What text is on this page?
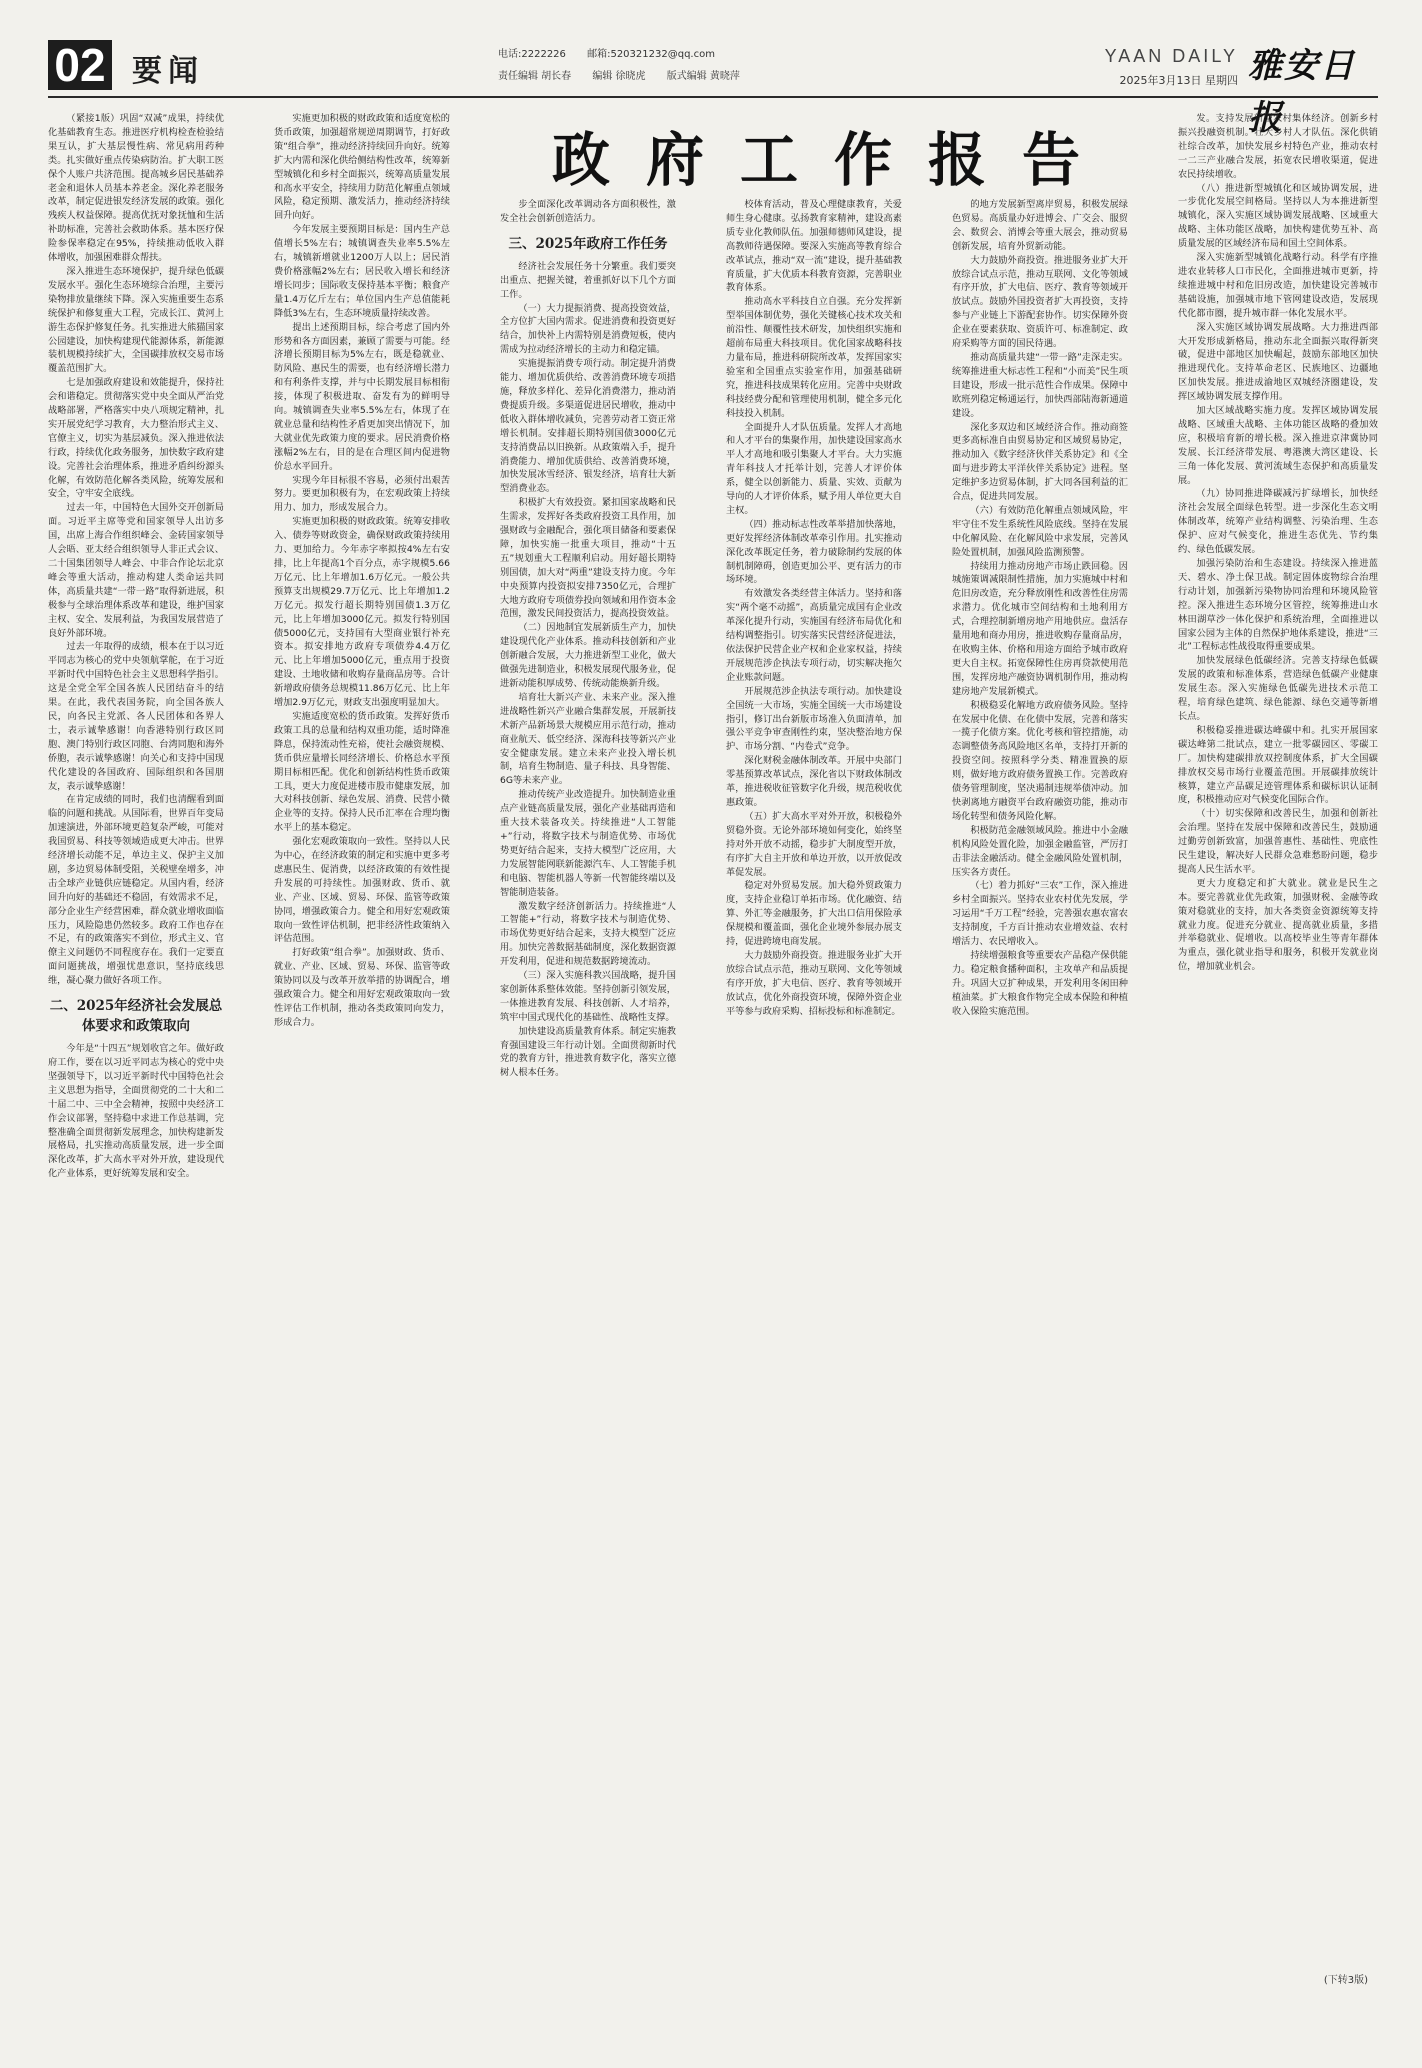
02 要闻	电话:2222226 邮箱:520321232@qq.com
责任编辑 胡长春 编辑 徐晓虎 版式编辑 黄晓萍
YAAN DAILY
2025年3月13日 星期四 雅安日报
政府工作报告

（紧接1版）巩固“双减”成果，持续优化基础教育生态。推进医疗机构检查检验结果互认，扩大基层慢性病、常见病用药种类。扎实做好重点传染病防治。扩大职工医保个人账户共济范围。提高城乡居民基础养老金和退休人员基本养老金。深化养老服务改革，制定促进银发经济发展的政策。强化残疾人权益保障。提高优抚对象抚恤和生活补助标准，完善社会救助体系。基本医疗保险参保率稳定在95%，持续推动低收入群体增收，加强困难群众帮扶。

深入推进生态环境保护，提升绿色低碳发展水平。强化生态环境综合治理，主要污染物排放量继续下降。深入实施重要生态系统保护和修复重大工程，完成长江、黄河上游生态保护修复任务。扎实推进大熊猫国家公园建设，加快构建现代能源体系，新能源装机规模持续扩大，全国碳排放权交易市场覆盖范围扩大。

七是加强政府建设和效能提升，保持社会和谐稳定。贯彻落实党中央全面从严治党战略部署，严格落实中央八项规定精神，扎实开展党纪学习教育，大力整治形式主义、官僚主义，切实为基层减负。深入推进依法行政，持续优化政务服务，加快数字政府建设。完善社会治理体系，推进矛盾纠纷源头化解，有效防范化解各类风险，统筹发展和安全，守牢安全底线。

过去一年，中国特色大国外交开创新局面。习近平主席等党和国家领导人出访多国，出席上海合作组织峰会、金砖国家领导人会晤、亚太经合组织领导人非正式会议、二十国集团领导人峰会、中非合作论坛北京峰会等重大活动，推动构建人类命运共同体，高质量共建“一带一路”取得新进展，积极参与全球治理体系改革和建设，维护国家主权、安全、发展利益，为我国发展营造了良好外部环境。

过去一年取得的成绩，根本在于以习近平同志为核心的党中央领航掌舵，在于习近平新时代中国特色社会主义思想科学指引。这是全党全军全国各族人民团结奋斗的结果。在此，我代表国务院，向全国各族人民，向各民主党派、各人民团体和各界人士，表示诚挚感谢！向香港特别行政区同胞、澳门特别行政区同胞、台湾同胞和海外侨胞，表示诚挚感谢！向关心和支持中国现代化建设的各国政府、国际组织和各国朋友，表示诚挚感谢！

在肯定成绩的同时，我们也清醒看到面临的问题和挑战。从国际看，世界百年变局加速演进，外部环境更趋复杂严峻，可能对我国贸易、科技等领域造成更大冲击。世界经济增长动能不足，单边主义、保护主义加剧，多边贸易体制受阻，关税壁垒增多，冲击全球产业链供应链稳定。从国内看，经济回升向好的基础还不稳固，有效需求不足，部分企业生产经营困难，群众就业增收面临压力，风险隐患仍然较多。政府工作也存在不足，有的政策落实不到位，形式主义、官僚主义问题仍不同程度存在。我们一定要直面问题挑战，增强忧患意识，坚持底线思维，凝心聚力做好各项工作。

二、2025年经济社会发展总体要求和政策取向

今年是“十四五”规划收官之年。做好政府工作，要在以习近平同志为核心的党中央坚强领导下，以习近平新时代中国特色社会主义思想为指导，全面贯彻党的二十大和二十届二中、三中全会精神，按照中央经济工作会议部署，坚持稳中求进工作总基调，完整准确全面贯彻新发展理念，加快构建新发展格局，扎实推动高质量发展，进一步全面深化改革，扩大高水平对外开放，建设现代化产业体系，更好统筹发展和安全。

实施更加积极的财政政策和适度宽松的货币政策，加强超常规逆周期调节，打好政策“组合拳”，推动经济持续回升向好。统筹扩大内需和深化供给侧结构性改革，统筹新型城镇化和乡村全面振兴，统筹高质量发展和高水平安全，持续用力防范化解重点领域风险，稳定预期、激发活力，推动经济持续回升向好。

今年发展主要预期目标是：国内生产总值增长5%左右；城镇调查失业率5.5%左右，城镇新增就业1200万人以上；居民消费价格涨幅2%左右；居民收入增长和经济增长同步；国际收支保持基本平衡；粮食产量1.4万亿斤左右；单位国内生产总值能耗降低3%左右，生态环境质量持续改善。

提出上述预期目标，综合考虑了国内外形势和各方面因素，兼顾了需要与可能。经济增长预期目标为5%左右，既是稳就业、防风险、惠民生的需要，也有经济增长潜力和有利条件支撑，并与中长期发展目标相衔接，体现了积极进取、奋发有为的鲜明导向。城镇调查失业率5.5%左右，体现了在就业总量和结构性矛盾更加突出情况下，加大就业优先政策力度的要求。居民消费价格涨幅2%左右，目的是在合理区间内促进物价总水平回升。

实现今年目标很不容易，必须付出艰苦努力。要更加积极有为，在宏观政策上持续用力、加力，形成发展合力。

实施更加积极的财政政策。统筹安排收入、债券等财政资金，确保财政政策持续用力、更加给力。今年赤字率拟按4%左右安排，比上年提高1个百分点，赤字规模5.66万亿元、比上年增加1.6万亿元。一般公共预算支出规模29.7万亿元、比上年增加1.2万亿元。拟发行超长期特别国债1.3万亿元，比上年增加3000亿元。拟发行特别国债5000亿元，支持国有大型商业银行补充资本。拟安排地方政府专项债券4.4万亿元、比上年增加5000亿元，重点用于投资建设、土地收储和收购存量商品房等。合计新增政府债务总规模11.86万亿元、比上年增加2.9万亿元，财政支出强度明显加大。

实施适度宽松的货币政策。发挥好货币政策工具的总量和结构双重功能，适时降准降息，保持流动性充裕，使社会融资规模、货币供应量增长同经济增长、价格总水平预期目标相匹配。优化和创新结构性货币政策工具，更大力度促进楼市股市健康发展，加大对科技创新、绿色发展、消费、民营小微企业等的支持。保持人民币汇率在合理均衡水平上的基本稳定。

强化宏观政策取向一致性。坚持以人民为中心，在经济政策的制定和实施中更多考虑惠民生、促消费，以经济政策的有效性提升发展的可持续性。加强财政、货币、就业、产业、区域、贸易、环保、监管等政策协同，增强政策合力。健全和用好宏观政策取向一致性评估机制，把非经济性政策纳入评估范围。

打好政策“组合拳”。加强财政、货币、就业、产业、区域、贸易、环保、监管等政策协同以及与改革开放举措的协调配合，增强政策合力。健全和用好宏观政策取向一致性评估工作机制，推动各类政策同向发力，形成合力。

步全面深化改革调动各方面积极性，激发全社会创新创造活力。

三、2025年政府工作任务

经济社会发展任务十分繁重。我们要突出重点、把握关键，着重抓好以下几个方面工作。

（一）大力提振消费、提高投资效益，全方位扩大国内需求。促进消费和投资更好结合，加快补上内需特别是消费短板，使内需成为拉动经济增长的主动力和稳定锚。

实施提振消费专项行动。制定提升消费能力、增加优质供给、改善消费环境专项措施，释放多样化、差异化消费潜力，推动消费提质升级。多渠道促进居民增收，推动中低收入群体增收减负，完善劳动者工资正常增长机制。安排超长期特别国债3000亿元支持消费品以旧换新。从政策端入手，提升消费能力、增加优质供给、改善消费环境，加快发展冰雪经济、银发经济，培育壮大新型消费业态。

积极扩大有效投资。紧扣国家战略和民生需求，发挥好各类政府投资工具作用，加强财政与金融配合，强化项目储备和要素保障，加快实施一批重大项目，推动“十五五”规划重大工程顺利启动。用好超长期特别国债，加大对“两重”建设支持力度。今年中央预算内投资拟安排7350亿元，合理扩大地方政府专项债券投向领域和用作资本金范围，激发民间投资活力，提高投资效益。

（二）因地制宜发展新质生产力，加快建设现代化产业体系。推动科技创新和产业创新融合发展，大力推进新型工业化，做大做强先进制造业，积极发展现代服务业，促进新动能积厚成势、传统动能焕新升级。

培育壮大新兴产业、未来产业。深入推进战略性新兴产业融合集群发展，开展新技术新产品新场景大规模应用示范行动，推动商业航天、低空经济、深海科技等新兴产业安全健康发展。建立未来产业投入增长机制，培育生物制造、量子科技、具身智能、6G等未来产业。

推动传统产业改造提升。加快制造业重点产业链高质量发展，强化产业基础再造和重大技术装备攻关。持续推进“人工智能+”行动，将数字技术与制造优势、市场优势更好结合起来，支持大模型广泛应用，大力发展智能网联新能源汽车、人工智能手机和电脑、智能机器人等新一代智能终端以及智能制造装备。

激发数字经济创新活力。持续推进“人工智能+”行动，将数字技术与制造优势、市场优势更好结合起来，支持大模型广泛应用。加快完善数据基础制度，深化数据资源开发利用，促进和规范数据跨境流动。

（三）深入实施科教兴国战略，提升国家创新体系整体效能。坚持创新引领发展，一体推进教育发展、科技创新、人才培养，筑牢中国式现代化的基础性、战略性支撑。

加快建设高质量教育体系。制定实施教育强国建设三年行动计划。全面贯彻新时代党的教育方针，推进教育数字化，落实立德树人根本任务。

校体育活动，普及心理健康教育，关爱师生身心健康。弘扬教育家精神，建设高素质专业化教师队伍。加强师德师风建设，提高教师待遇保障。要深入实施高等教育综合改革试点，推动“双一流”建设，提升基础教育质量，扩大优质本科教育资源，完善职业教育体系。

推动高水平科技自立自强。充分发挥新型举国体制优势，强化关键核心技术攻关和前沿性、颠覆性技术研发，加快组织实施和超前布局重大科技项目。优化国家战略科技力量布局，推进科研院所改革，发挥国家实验室和全国重点实验室作用，加强基础研究，推进科技成果转化应用。完善中央财政科技经费分配和管理使用机制，健全多元化科技投入机制。

全面提升人才队伍质量。发挥人才高地和人才平台的集聚作用，加快建设国家高水平人才高地和吸引集聚人才平台。大力实施青年科技人才托举计划，完善人才评价体系，健全以创新能力、质量、实效、贡献为导向的人才评价体系，赋予用人单位更大自主权。

（四）推动标志性改革举措加快落地，更好发挥经济体制改革牵引作用。扎实推动深化改革既定任务，着力破除制约发展的体制机制障碍，创造更加公平、更有活力的市场环境。

有效激发各类经营主体活力。坚持和落实“两个毫不动摇”，高质量完成国有企业改革深化提升行动，实施国有经济布局优化和结构调整指引。切实落实民营经济促进法，依法保护民营企业产权和企业家权益，持续开展规范涉企执法专项行动，切实解决拖欠企业账款问题。

开展规范涉企执法专项行动。加快建设全国统一大市场，实施全国统一大市场建设指引，修订出台新版市场准入负面清单，加强公平竞争审查刚性约束，坚决整治地方保护、市场分割、“内卷式”竞争。

深化财税金融体制改革。开展中央部门零基预算改革试点，深化省以下财政体制改革，推进税收征管数字化升级，规范税收优惠政策。

（五）扩大高水平对外开放，积极稳外贸稳外资。无论外部环境如何变化，始终坚持对外开放不动摇，稳步扩大制度型开放，有序扩大自主开放和单边开放，以开放促改革促发展。

稳定对外贸易发展。加大稳外贸政策力度，支持企业稳订单拓市场。优化融资、结算、外汇等金融服务，扩大出口信用保险承保规模和覆盖面，强化企业境外参展办展支持，促进跨境电商发展。

大力鼓励外商投资。推进服务业扩大开放综合试点示范，推动互联网、文化等领域有序开放，扩大电信、医疗、教育等领域开放试点，优化外商投资环境，保障外资企业平等参与政府采购、招标投标和标准制定。

的地方发展新型离岸贸易，积极发展绿色贸易。高质量办好进博会、广交会、服贸会、数贸会、消博会等重大展会，推动贸易创新发展，培育外贸新动能。

大力鼓励外商投资。推进服务业扩大开放综合试点示范，推动互联网、文化等领域有序开放，扩大电信、医疗、教育等领域开放试点。鼓励外国投资者扩大再投资，支持参与产业链上下游配套协作。切实保障外资企业在要素获取、资质许可、标准制定、政府采购等方面的国民待遇。

推动高质量共建“一带一路”走深走实。统筹推进重大标志性工程和“小而美”民生项目建设，形成一批示范性合作成果。保障中欧班列稳定畅通运行，加快西部陆海新通道建设。

深化多双边和区域经济合作。推动商签更多高标准自由贸易协定和区域贸易协定，推动加入《数字经济伙伴关系协定》和《全面与进步跨太平洋伙伴关系协定》进程。坚定维护多边贸易体制，扩大同各国利益的汇合点，促进共同发展。

（六）有效防范化解重点领域风险，牢牢守住不发生系统性风险底线。坚持在发展中化解风险、在化解风险中求发展，完善风险处置机制，加强风险监测预警。

持续用力推动房地产市场止跌回稳。因城施策调减限制性措施，加力实施城中村和危旧房改造，充分释放刚性和改善性住房需求潜力。优化城市空间结构和土地利用方式，合理控制新增房地产用地供应。盘活存量用地和商办用房，推进收购存量商品房，在收购主体、价格和用途方面给予城市政府更大自主权。拓宽保障性住房再贷款使用范围，发挥房地产融资协调机制作用，推动构建房地产发展新模式。

积极稳妥化解地方政府债务风险。坚持在发展中化债、在化债中发展，完善和落实一揽子化债方案。优化考核和管控措施，动态调整债务高风险地区名单，支持打开新的投资空间。按照科学分类、精准置换的原则，做好地方政府债务置换工作。完善政府债务管理制度，坚决遏制违规举债冲动。加快剥离地方融资平台政府融资功能，推动市场化转型和债务风险化解。

积极防范金融领域风险。推进中小金融机构风险处置化险，加强金融监管，严厉打击非法金融活动。健全金融风险处置机制，压实各方责任。

（七）着力抓好“三农”工作，深入推进乡村全面振兴。坚持农业农村优先发展，学习运用“千万工程”经验，完善强农惠农富农支持制度，千方百计推动农业增效益、农村增活力、农民增收入。

持续增强粮食等重要农产品稳产保供能力。稳定粮食播种面积，主攻单产和品质提升。巩固大豆扩种成果，开发利用冬闲田种植油菜。扩大粮食作物完全成本保险和种植收入保险实施范围。

发。支持发展新型农村集体经济。创新乡村振兴投融资机制。壮大乡村人才队伍。深化供销社综合改革，加快发展乡村特色产业，推动农村一二三产业融合发展，拓宽农民增收渠道，促进农民持续增收。

（八）推进新型城镇化和区域协调发展，进一步优化发展空间格局。坚持以人为本推进新型城镇化，深入实施区域协调发展战略、区域重大战略、主体功能区战略，加快构建优势互补、高质量发展的区域经济布局和国土空间体系。

深入实施新型城镇化战略行动。科学有序推进农业转移人口市民化，全面推进城市更新，持续推进城中村和危旧房改造，加快建设完善城市基础设施，加强城市地下管网建设改造，发展现代化都市圈，提升城市群一体化发展水平。

深入实施区域协调发展战略。大力推进西部大开发形成新格局，推动东北全面振兴取得新突破，促进中部地区加快崛起，鼓励东部地区加快推进现代化。支持革命老区、民族地区、边疆地区加快发展。推进成渝地区双城经济圈建设，发挥区域协调发展支撑作用。

加大区域战略实施力度。发挥区域协调发展战略、区域重大战略、主体功能区战略的叠加效应，积极培育新的增长极。深入推进京津冀协同发展、长江经济带发展、粤港澳大湾区建设、长三角一体化发展、黄河流域生态保护和高质量发展。

（九）协同推进降碳减污扩绿增长，加快经济社会发展全面绿色转型。进一步深化生态文明体制改革，统筹产业结构调整、污染治理、生态保护、应对气候变化，推进生态优先、节约集约、绿色低碳发展。

加强污染防治和生态建设。持续深入推进蓝天、碧水、净土保卫战。制定固体废物综合治理行动计划，加强新污染物协同治理和环境风险管控。深入推进生态环境分区管控，统筹推进山水林田湖草沙一体化保护和系统治理，全面推进以国家公园为主体的自然保护地体系建设，推进“三北”工程标志性战役取得重要成果。

加快发展绿色低碳经济。完善支持绿色低碳发展的政策和标准体系，营造绿色低碳产业健康发展生态。深入实施绿色低碳先进技术示范工程，培育绿色建筑、绿色能源、绿色交通等新增长点。

积极稳妥推进碳达峰碳中和。扎实开展国家碳达峰第二批试点，建立一批零碳园区、零碳工厂。加快构建碳排放双控制度体系，扩大全国碳排放权交易市场行业覆盖范围。开展碳排放统计核算，建立产品碳足迹管理体系和碳标识认证制度，积极推动应对气候变化国际合作。

（十）切实保障和改善民生，加强和创新社会治理。坚持在发展中保障和改善民生，鼓励通过勤劳创新致富，加强普惠性、基础性、兜底性民生建设，解决好人民群众急难愁盼问题，稳步提高人民生活水平。

更大力度稳定和扩大就业。就业是民生之本。要完善就业优先政策，加强财税、金融等政策对稳就业的支持，加大各类资金资源统筹支持就业力度。促进充分就业、提高就业质量，多措并举稳就业、促增收。以高校毕业生等青年群体为重点，强化就业指导和服务，积极开发就业岗位，增加就业机会。

(下转3版)
